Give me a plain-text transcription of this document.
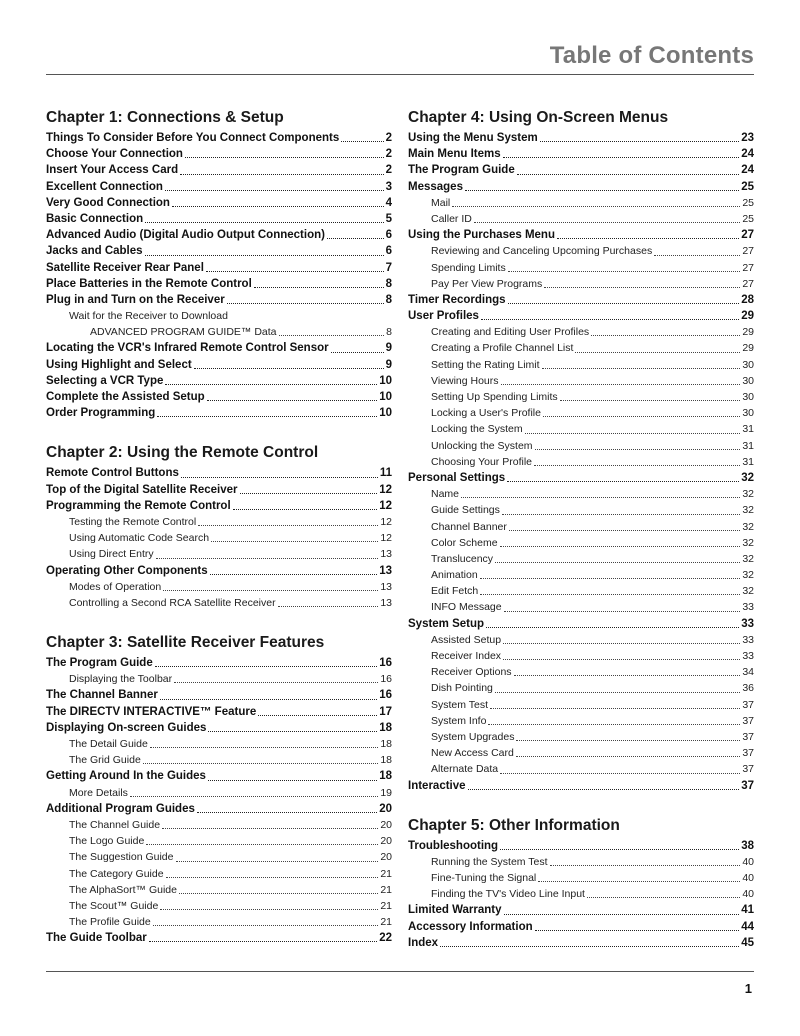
Table of Contents
Chapter 1: Connections & Setup
Things To Consider Before You Connect Components	2
Choose Your Connection	2
Insert Your Access Card	2
Excellent Connection	3
Very Good Connection	4
Basic Connection	5
Advanced Audio (Digital Audio Output Connection)	6
Jacks and Cables	6
Satellite Receiver Rear Panel	7
Place Batteries in the Remote Control	8
Plug in and Turn on the Receiver	8
Wait for the Receiver to Download
ADVANCED PROGRAM GUIDE™ Data	8
Locating the VCR's Infrared Remote Control Sensor	9
Using Highlight and Select	9
Selecting a VCR Type	10
Complete the Assisted Setup	10
Order Programming	10
Chapter 2: Using the Remote Control
Remote Control Buttons	11
Top of the Digital Satellite Receiver	12
Programming the Remote Control	12
Testing the Remote Control	12
Using Automatic Code Search	12
Using Direct Entry	13
Operating Other Components	13
Modes of Operation	13
Controlling a Second RCA Satellite Receiver	13
Chapter 3: Satellite Receiver Features
The Program Guide	16
Displaying the Toolbar	16
The Channel Banner	16
The DIRECTV INTERACTIVE™ Feature	17
Displaying On-screen Guides	18
The Detail Guide	18
The Grid Guide	18
Getting Around In the Guides	18
More Details	19
Additional Program Guides	20
The Channel Guide	20
The Logo Guide	20
The Suggestion Guide	20
The Category Guide	21
The AlphaSort™ Guide	21
The Scout™ Guide	21
The Profile Guide	21
The Guide Toolbar	22
Chapter 4: Using On-Screen Menus
Using the Menu System	23
Main Menu Items	24
The Program Guide	24
Messages	25
Mail	25
Caller ID	25
Using the Purchases Menu	27
Reviewing and Canceling Upcoming Purchases	27
Spending Limits	27
Pay Per View Programs	27
Timer Recordings	28
User Profiles	29
Creating and Editing User Profiles	29
Creating a Profile Channel List	29
Setting the Rating Limit	30
Viewing Hours	30
Setting Up Spending Limits	30
Locking a User's Profile	30
Locking the System	31
Unlocking the System	31
Choosing Your Profile	31
Personal Settings	32
Name	32
Guide Settings	32
Channel Banner	32
Color Scheme	32
Translucency	32
Animation	32
Edit Fetch	32
INFO Message	33
System Setup	33
Assisted Setup	33
Receiver Index	33
Receiver Options	34
Dish Pointing	36
System Test	37
System Info	37
System Upgrades	37
New Access Card	37
Alternate Data	37
Interactive	37
Chapter 5: Other Information
Troubleshooting	38
Running the System Test	40
Fine-Tuning the Signal	40
Finding the TV's Video Line Input	40
Limited Warranty	41
Accessory Information	44
Index	45
1
